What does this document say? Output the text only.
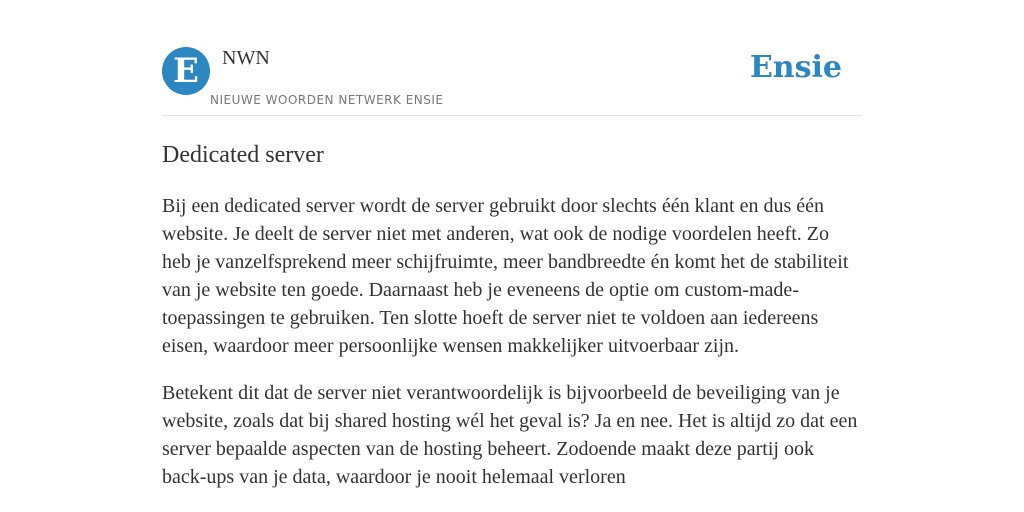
E	NWN
NIEUWE WOORDEN NETWERK ENSIE
Ensie
Dedicated server

Bij een dedicated server wordt de server gebruikt door slechts één klant en dus één website. Je deelt de server niet met anderen, wat ook de nodige voordelen heeft. Zo heb je vanzelfsprekend meer schijfruimte, meer bandbreedte én komt het de stabiliteit van je website ten goede. Daarnaast heb je eveneens de optie om custom-made-toepassingen te gebruiken. Ten slotte hoeft de server niet te voldoen aan iedereens eisen, waardoor meer persoonlijke wensen makkelijker uitvoerbaar zijn.

Betekent dit dat de server niet verantwoordelijk is bijvoorbeeld de beveiliging van je website, zoals dat bij shared hosting wél het geval is? Ja en nee. Het is altijd zo dat een server bepaalde aspecten van de hosting beheert. Zodoende maakt deze partij ook back-ups van je data, waardoor je nooit helemaal verloren
